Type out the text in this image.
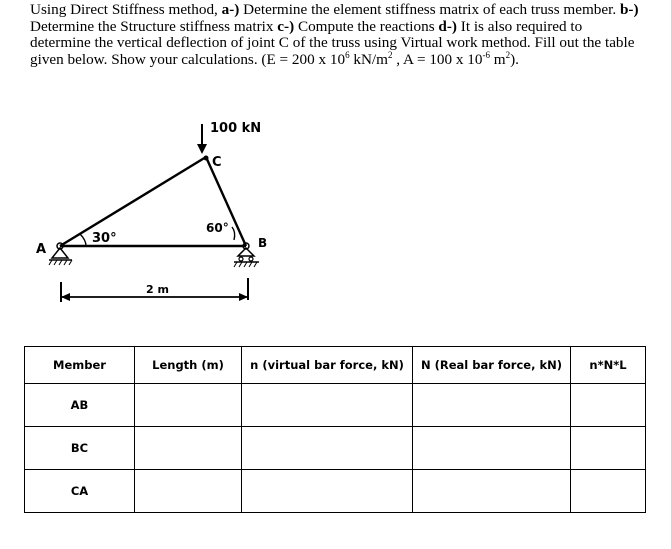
Using Direct Stiffness method, a-) Determine the element stiffness matrix of each truss member. b-) Determine the Structure stiffness matrix c-) Compute the reactions d-) It is also required to determine the vertical deflection of joint C of the truss using Virtual work method. Fill out the table given below. Show your calculations. (E = 200 x $10^6$ $kN/m^2$ , A = 100 x $10^{-6}$ $m^2$).
100 kN
C
A
30°	B
60°
2 m
Member	Length (m)	n (virtual bar force, kN)	N (Real bar force, kN)	n*N*L
AB				
BC				
CA				
